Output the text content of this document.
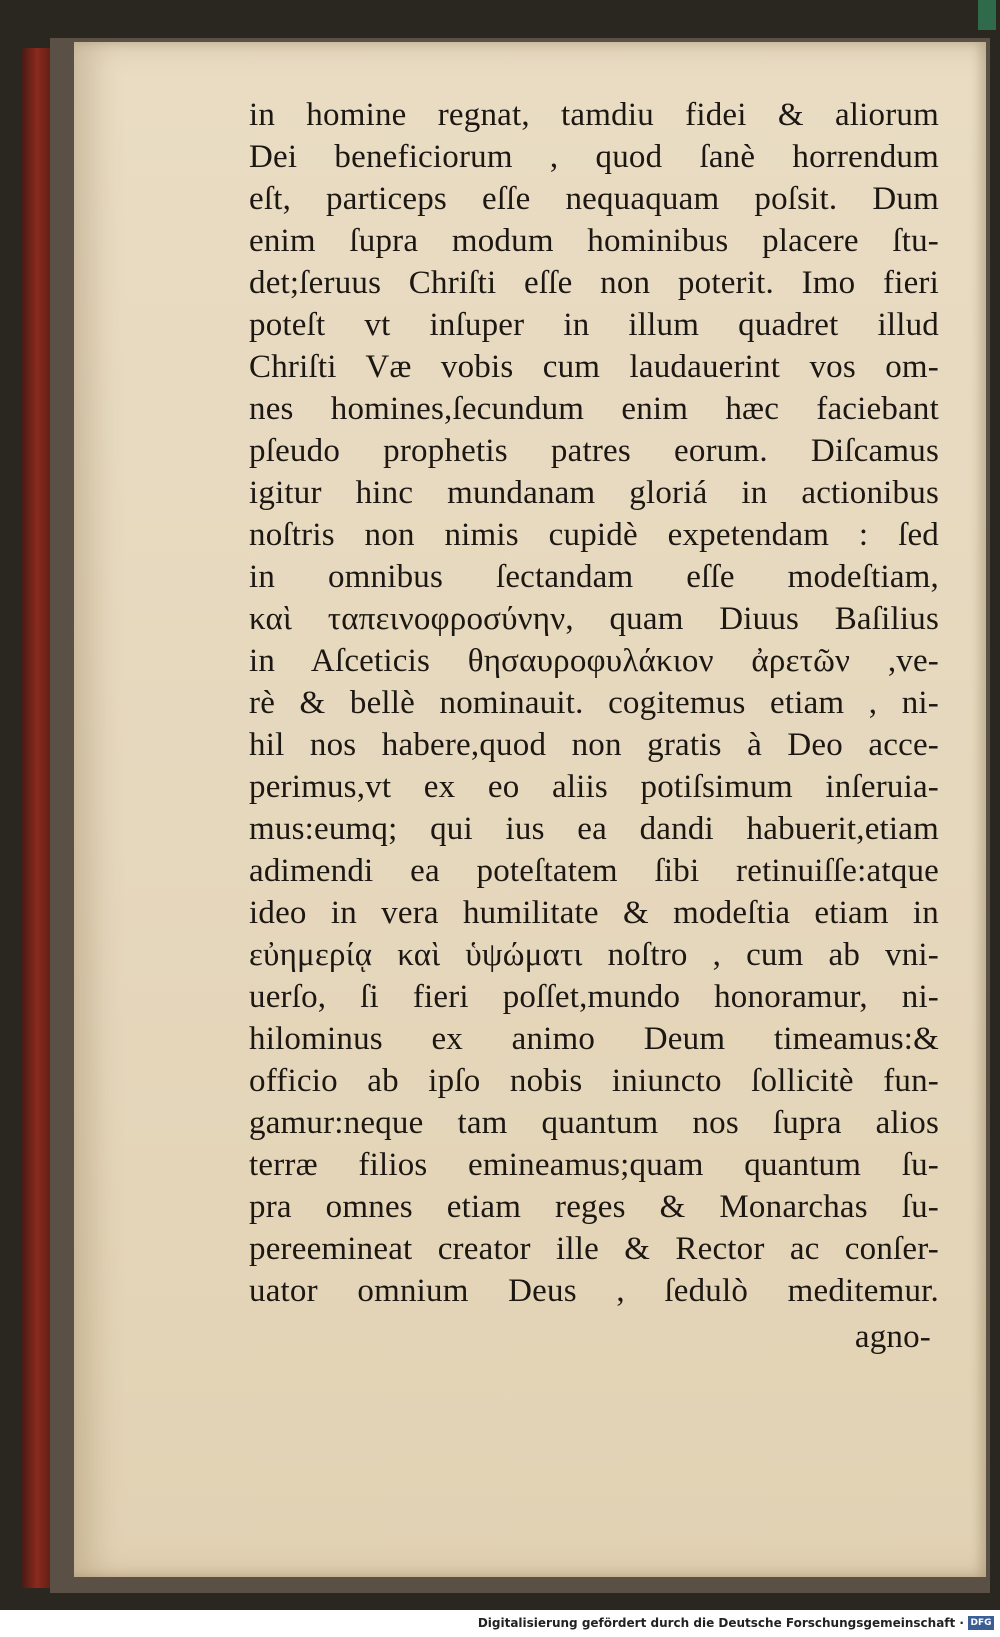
in homine regnat, tamdiu fidei & aliorum
Dei beneficiorum , quod ſanè horrendum
eſt, particeps eſſe nequaquam poſsit. Dum
enim ſupra modum hominibus placere ſtu-
det;ſeruus Chriſti eſſe non poterit. Imo fieri
poteſt vt inſuper in illum quadret illud
Chriſti Væ vobis cum laudauerint vos om-
nes homines,ſecundum enim hæc faciebant
pſeudo prophetis patres eorum. Diſcamus
igitur hinc mundanam gloriá in actionibus
noſtris non nimis cupidè expetendam : ſed
in omnibus ſectandam eſſe modeſtiam,
καὶ ταπεινοφροσύνην, quam Diuus Baſilius
in Aſceticis θησαυροφυλάκιον ἀρετῶν ,ve-
rè & bellè nominauit. cogitemus etiam , ni-
hil nos habere,quod non gratis à Deo acce-
perimus,vt ex eo aliis potiſsimum inſeruia-
mus:eumq; qui ius ea dandi habuerit,etiam
adimendi ea poteſtatem ſibi retinuiſſe:atque
ideo in vera humilitate & modeſtia etiam in
εὐημερίᾳ καὶ ὑψώματι noſtro , cum ab vni-
uerſo, ſi fieri poſſet,mundo honoramur, ni-
hilominus ex animo Deum timeamus:&
officio ab ipſo nobis iniuncto ſollicitè fun-
gamur:neque tam quantum nos ſupra alios
terræ filios emineamus;quam quantum ſu-
pra omnes etiam reges & Monarchas ſu-
pereemineat creator ille & Rector ac conſer-
uator omnium Deus , ſedulò meditemur.
agno-
Digitalisierung gefördert durch die Deutsche Forschungsgemeinschaft · DFG
